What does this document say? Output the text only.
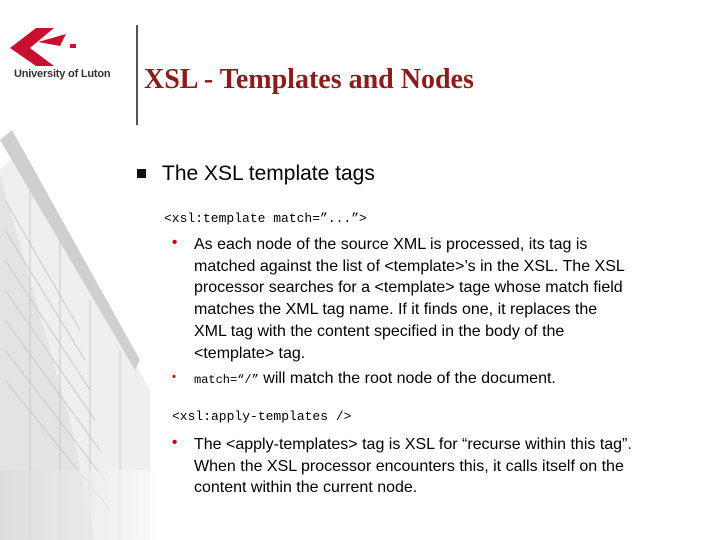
University of Luton XSL - Templates and Nodes
The XSL template tags
<xsl:template match=”...”>
• As each node of the source XML is processed, its tag is
matched against the list of <template>’s in the XSL. The XSL
processor searches for a <template> tage whose match field
matches the XML tag name. If it finds one, it replaces the
XML tag with the content specified in the body of the
<template> tag.
• match=“/” will match the root node of the document.
<xsl:apply-templates />
• The <apply-templates> tag is XSL for “recurse within this tag”.
When the XSL processor encounters this, it calls itself on the
content within the current node.
